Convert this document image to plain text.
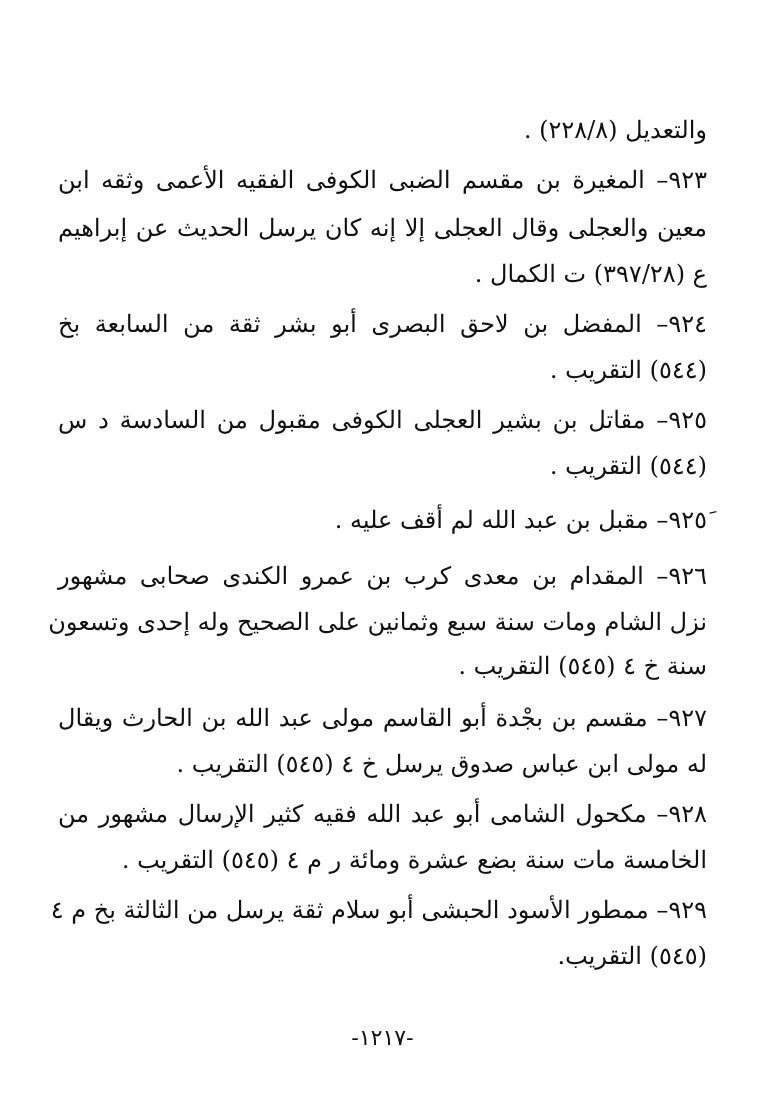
والتعديل (٢٢٨/٨) .
٩٢٣– المغيرة بن مقسم الضبى الكوفى الفقيه الأعمى وثقه ابن
معين والعجلى وقال العجلى إلا إنه كان يرسل الحديث عن إبراهيم
ع (٣٩٧/٢٨) ت الكمال .
٩٢٤– المفضل بن لاحق البصرى أبو بشر ثقة من السابعة بخ
(٥٤٤) التقريب .
٩٢٥– مقاتل بن بشير العجلى الكوفى مقبول من السادسة د س
(٥٤٤) التقريب .
٩٢٥َ– مقبل بن عبد الله لم أقف عليه .
٩٢٦– المقدام بن معدى كرب بن عمرو الكندى صحابى مشهور
نزل الشام ومات سنة سبع وثمانين على الصحيح وله إحدى وتسعون
سنة خ ٤ (٥٤٥) التقريب .
٩٢٧– مقسم بن بجْدة أبو القاسم مولى عبد الله بن الحارث ويقال
له مولى ابن عباس صدوق يرسل خ ٤ (٥٤٥) التقريب .
٩٢٨– مكحول الشامى أبو عبد الله فقيه كثير الإرسال مشهور من
الخامسة مات سنة بضع عشرة ومائة ر م ٤ (٥٤٥) التقريب .
٩٢٩– ممطور الأسود الحبشى أبو سلام ثقة يرسل من الثالثة بخ م ٤
(٥٤٥) التقريب.
-١٢١٧-
